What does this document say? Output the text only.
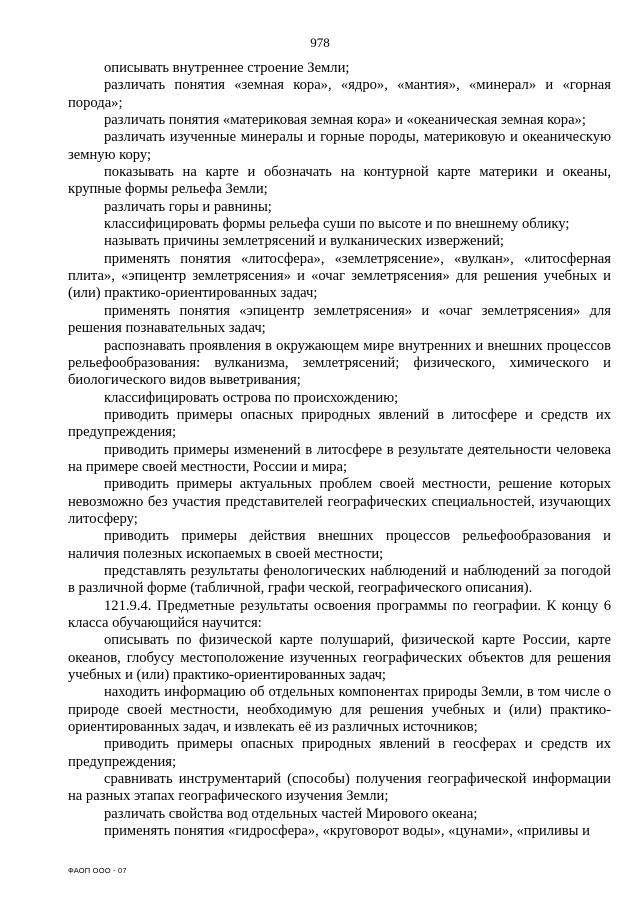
978

описывать внутреннее строение Земли;

различать понятия «земная кора», «ядро», «мантия», «минерал» и «горная порода»;

различать понятия «материковая земная кора» и «океаническая земная кора»;

различать изученные минералы и горные породы, материковую и океаническую земную кору;

показывать на карте и обозначать на контурной карте материки и океаны, крупные формы рельефа Земли;

различать горы и равнины;

классифицировать формы рельефа суши по высоте и по внешнему облику;

называть причины землетрясений и вулканических извержений;

применять понятия «литосфера», «землетрясение», «вулкан», «литосферная плита», «эпицентр землетрясения» и «очаг землетрясения» для решения учебных и (или) практико-ориентированных задач;

применять понятия «эпицентр землетрясения» и «очаг землетрясения» для решения познавательных задач;

распознавать проявления в окружающем мире внутренних и внешних процессов рельефообразования: вулканизма, землетрясений; физического, химического и биологического видов выветривания;

классифицировать острова по происхождению;

приводить примеры опасных природных явлений в литосфере и средств их предупреждения;

приводить примеры изменений в литосфере в результате деятельности человека на примере своей местности, России и мира;

приводить примеры актуальных проблем своей местности, решение которых невозможно без участия представителей географических специальностей, изучающих литосферу;

приводить примеры действия внешних процессов рельефообразования и наличия полезных ископаемых в своей местности;

представлять результаты фенологических наблюдений и наблюдений за погодой в различной форме (табличной, графи ческой, географического описания).

121.9.4. Предметные результаты освоения программы по географии. К концу 6 класса обучающийся научится:

описывать по физической карте полушарий, физической карте России, карте океанов, глобусу местоположение изученных географических объектов для решения учебных и (или) практико-ориентированных задач;

находить информацию об отдельных компонентах природы Земли, в том числе о природе своей местности, необходимую для решения учебных и (или) практико-ориентированных задач, и извлекать её из различных источников;

приводить примеры опасных природных явлений в геосферах и средств их предупреждения;

сравнивать инструментарий (способы) получения географической информации на разных этапах географического изучения Земли;

различать свойства вод отдельных частей Мирового океана;

применять понятия «гидросфера», «круговорот воды», «цунами», «приливы и

ФАОП ООО - 07
